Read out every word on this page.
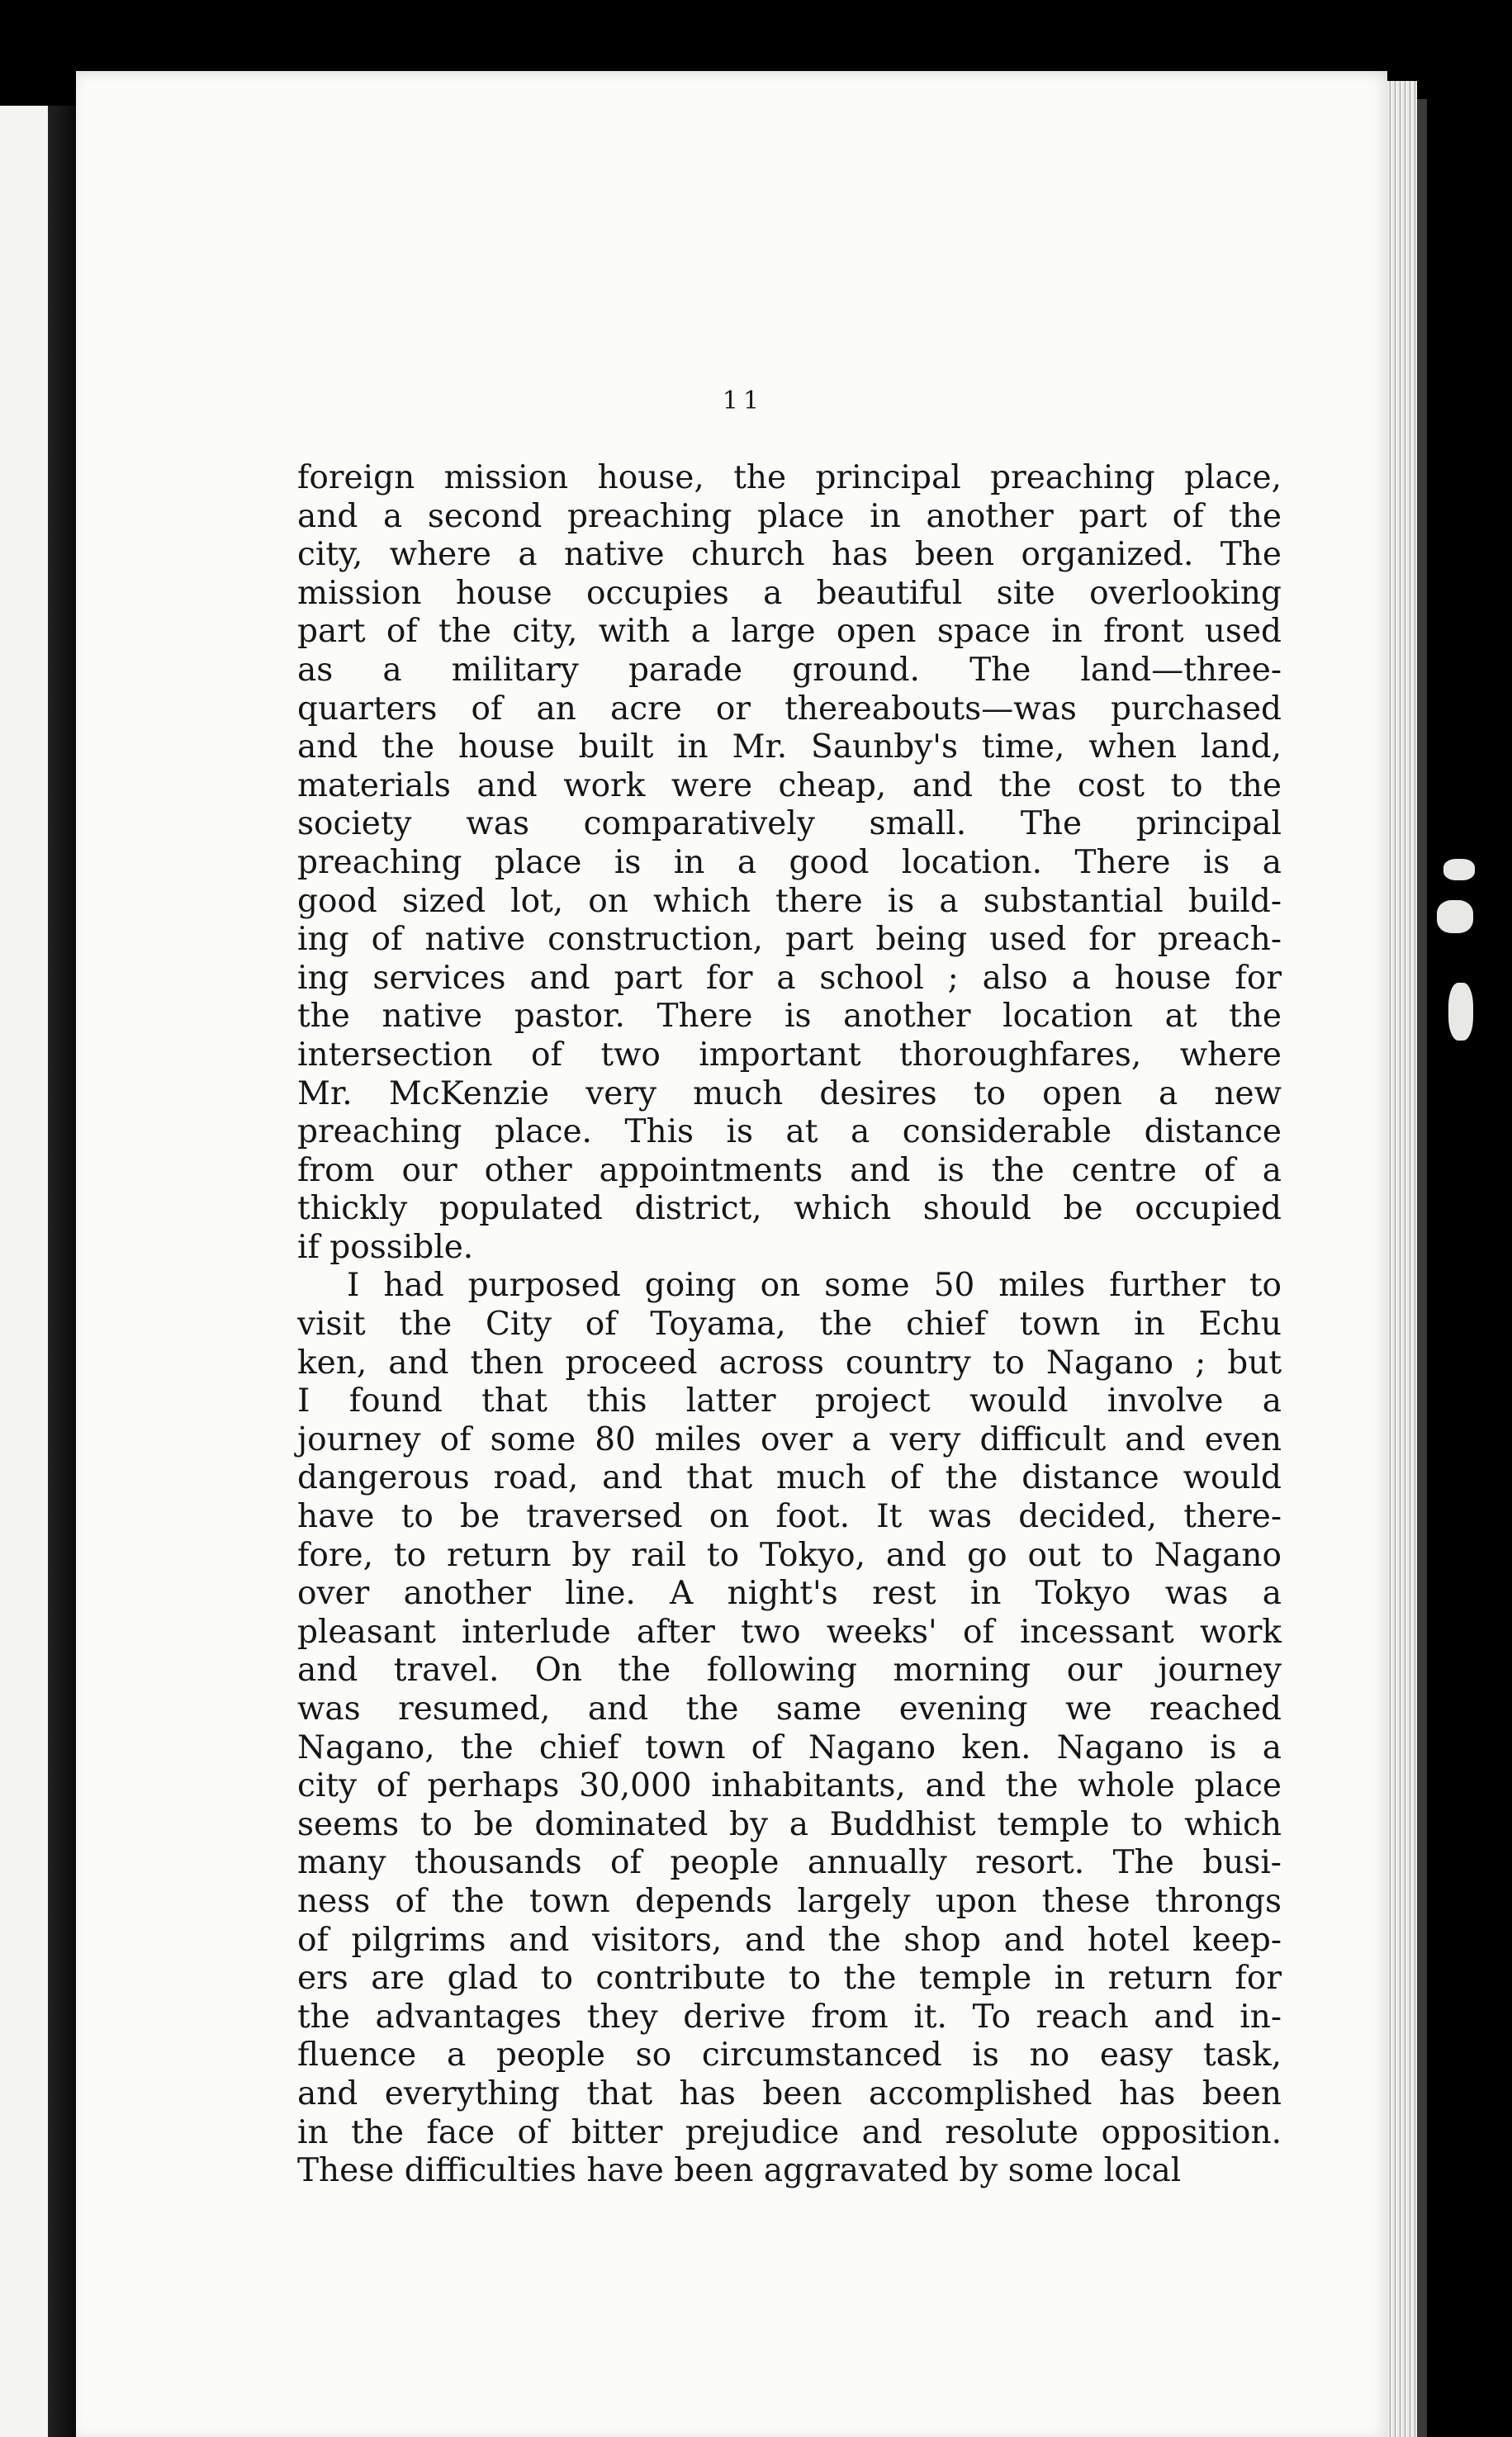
11

foreign mission house, the principal preaching place,

and a second preaching place in another part of the

city, where a native church has been organized. The

mission house occupies a beautiful site overlooking

part of the city, with a large open space in front used

as a military parade ground. The land—three-

quarters of an acre or thereabouts—was purchased

and the house built in Mr. Saunby's time, when land,

materials and work were cheap, and the cost to the

society was comparatively small. The principal

preaching place is in a good location. There is a

good sized lot, on which there is a substantial build-

ing of native construction, part being used for preach-

ing services and part for a school ; also a house for

the native pastor. There is another location at the

intersection of two important thoroughfares, where

Mr. McKenzie very much desires to open a new

preaching place. This is at a considerable distance

from our other appointments and is the centre of a

thickly populated district, which should be occupied

if possible.

I had purposed going on some 50 miles further to

visit the City of Toyama, the chief town in Echu

ken, and then proceed across country to Nagano ; but

I found that this latter project would involve a

journey of some 80 miles over a very difficult and even

dangerous road, and that much of the distance would

have to be traversed on foot. It was decided, there-

fore, to return by rail to Tokyo, and go out to Nagano

over another line. A night's rest in Tokyo was a

pleasant interlude after two weeks' of incessant work

and travel. On the following morning our journey

was resumed, and the same evening we reached

Nagano, the chief town of Nagano ken. Nagano is a

city of perhaps 30,000 inhabitants, and the whole place

seems to be dominated by a Buddhist temple to which

many thousands of people annually resort. The busi-

ness of the town depends largely upon these throngs

of pilgrims and visitors, and the shop and hotel keep-

ers are glad to contribute to the temple in return for

the advantages they derive from it. To reach and in-

fluence a people so circumstanced is no easy task,

and everything that has been accomplished has been

in the face of bitter prejudice and resolute opposition.

These difficulties have been aggravated by some local
